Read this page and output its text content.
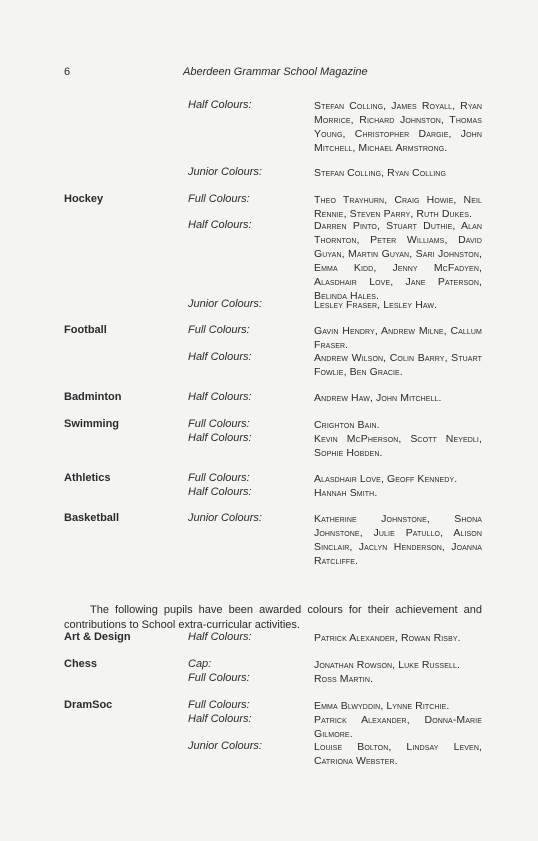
6	Aberdeen Grammar School Magazine
Half Colours:	Stefan Colling, James Royall, Ryan Morrice, Richard Johnston, Thomas Young, Christopher Dargie, John Mitchell, Michael Armstrong.
Junior Colours:	Stefan Colling, Ryan Colling
Hockey	Full Colours:	Theo Trayhurn, Craig Howie, Neil Rennie, Steven Parry, Ruth Dukes.
Half Colours:	Darren Pinto, Stuart Duthie, Alan Thornton, Peter Williams, David Guyan, Martin Guyan, Sari Johnston, Emma Kidd, Jenny McFadyen, Alasdhair Love, Jane Paterson, Belinda Hales.
Junior Colours:	Lesley Fraser, Lesley Haw.
Football	Full Colours:	Gavin Hendry, Andrew Milne, Callum Fraser.
Half Colours:	Andrew Wilson, Colin Barry, Stuart Fowlie, Ben Gracie.
Badminton	Half Colours:	Andrew Haw, John Mitchell.
Swimming	Full Colours:	Crighton Bain.
Half Colours:	Kevin McPherson, Scott Neyedli, Sophie Hobden.
Athletics	Full Colours:	Alasdhair Love, Geoff Kennedy.
Half Colours:	Hannah Smith.
Basketball	Junior Colours:	Katherine Johnstone, Shona Johnstone, Julie Patullo, Alison Sinclair, Jaclyn Henderson, Joanna Ratcliffe.

The following pupils have been awarded colours for their achievement and contributions to School extra-curricular activities.

Art & Design	Half Colours:	Patrick Alexander, Rowan Risby.
Chess	Cap:	Jonathan Rowson, Luke Russell.
Full Colours:	Ross Martin.
DramSoc	Full Colours:	Emma Blwyddin, Lynne Ritchie.
Half Colours:	Patrick Alexander, Donna-Marie Gilmore.
Junior Colours:	Louise Bolton, Lindsay Leven, Catriona Webster.
